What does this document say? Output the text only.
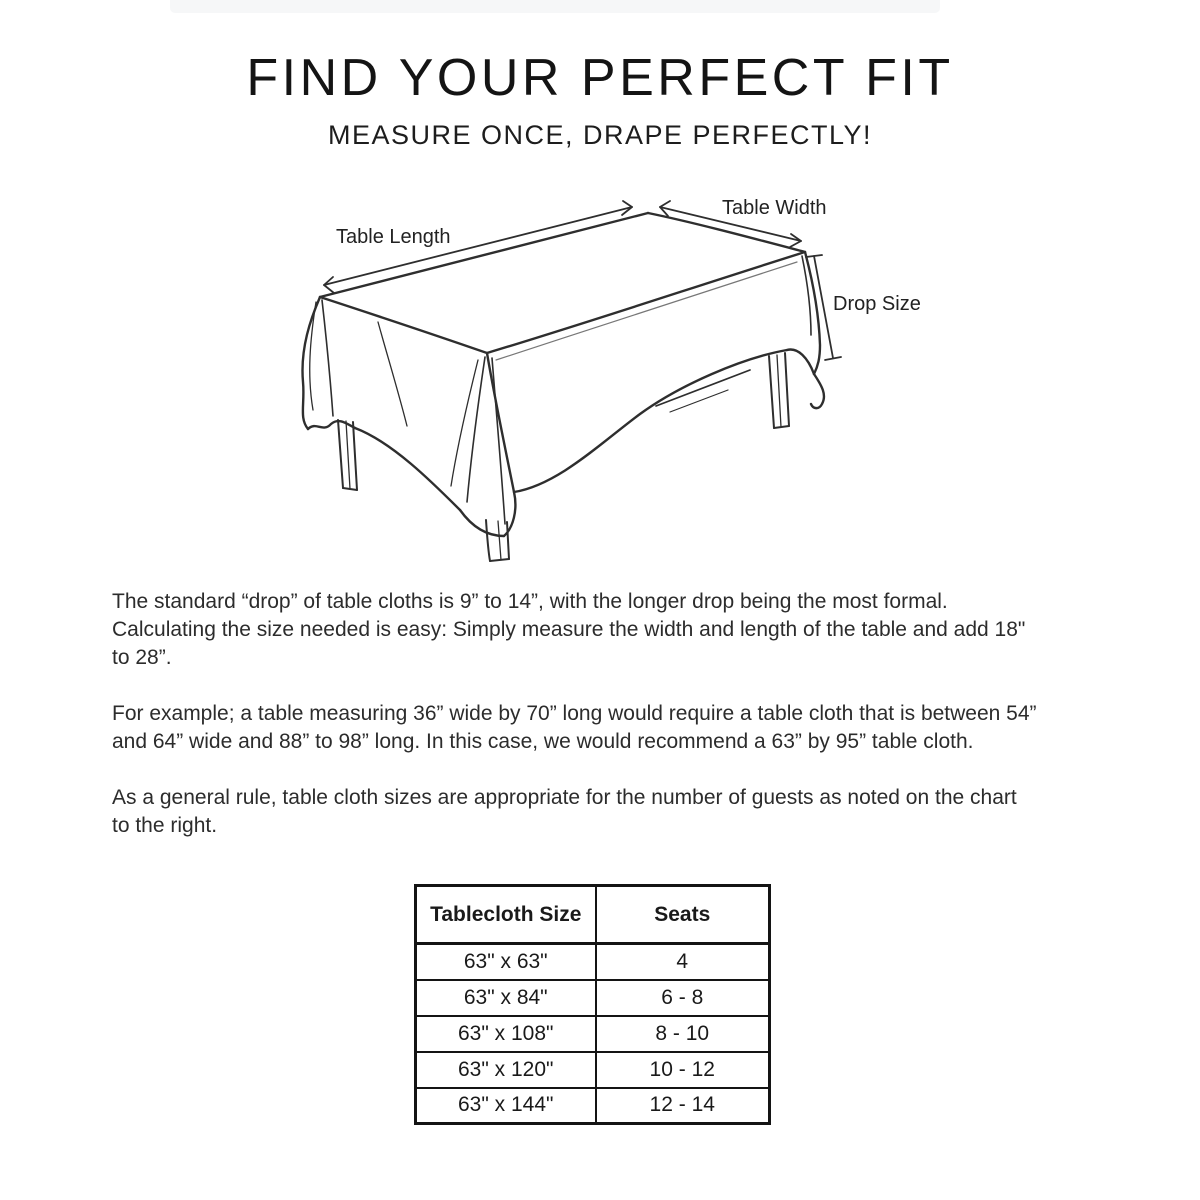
FIND YOUR PERFECT FIT
MEASURE ONCE, DRAPE PERFECTLY!
Table Length
Table Width
Drop Size

The standard “drop” of table cloths is 9” to 14”, with the longer drop being the most formal.
Calculating the size needed is easy: Simply measure the width and length of the table and add 18"
to 28”.

For example; a table measuring 36” wide by 70” long would require a table cloth that is between 54”
and 64” wide and 88” to 98” long. In this case, we would recommend a 63” by 95” table cloth.

As a general rule, table cloth sizes are appropriate for the number of guests as noted on the chart
to the right.

Tablecloth Size	Seats
63" x 63"	4
63" x 84"	6 - 8
63" x 108"	8 - 10
63" x 120"	10 - 12
63" x 144"	12 - 14
